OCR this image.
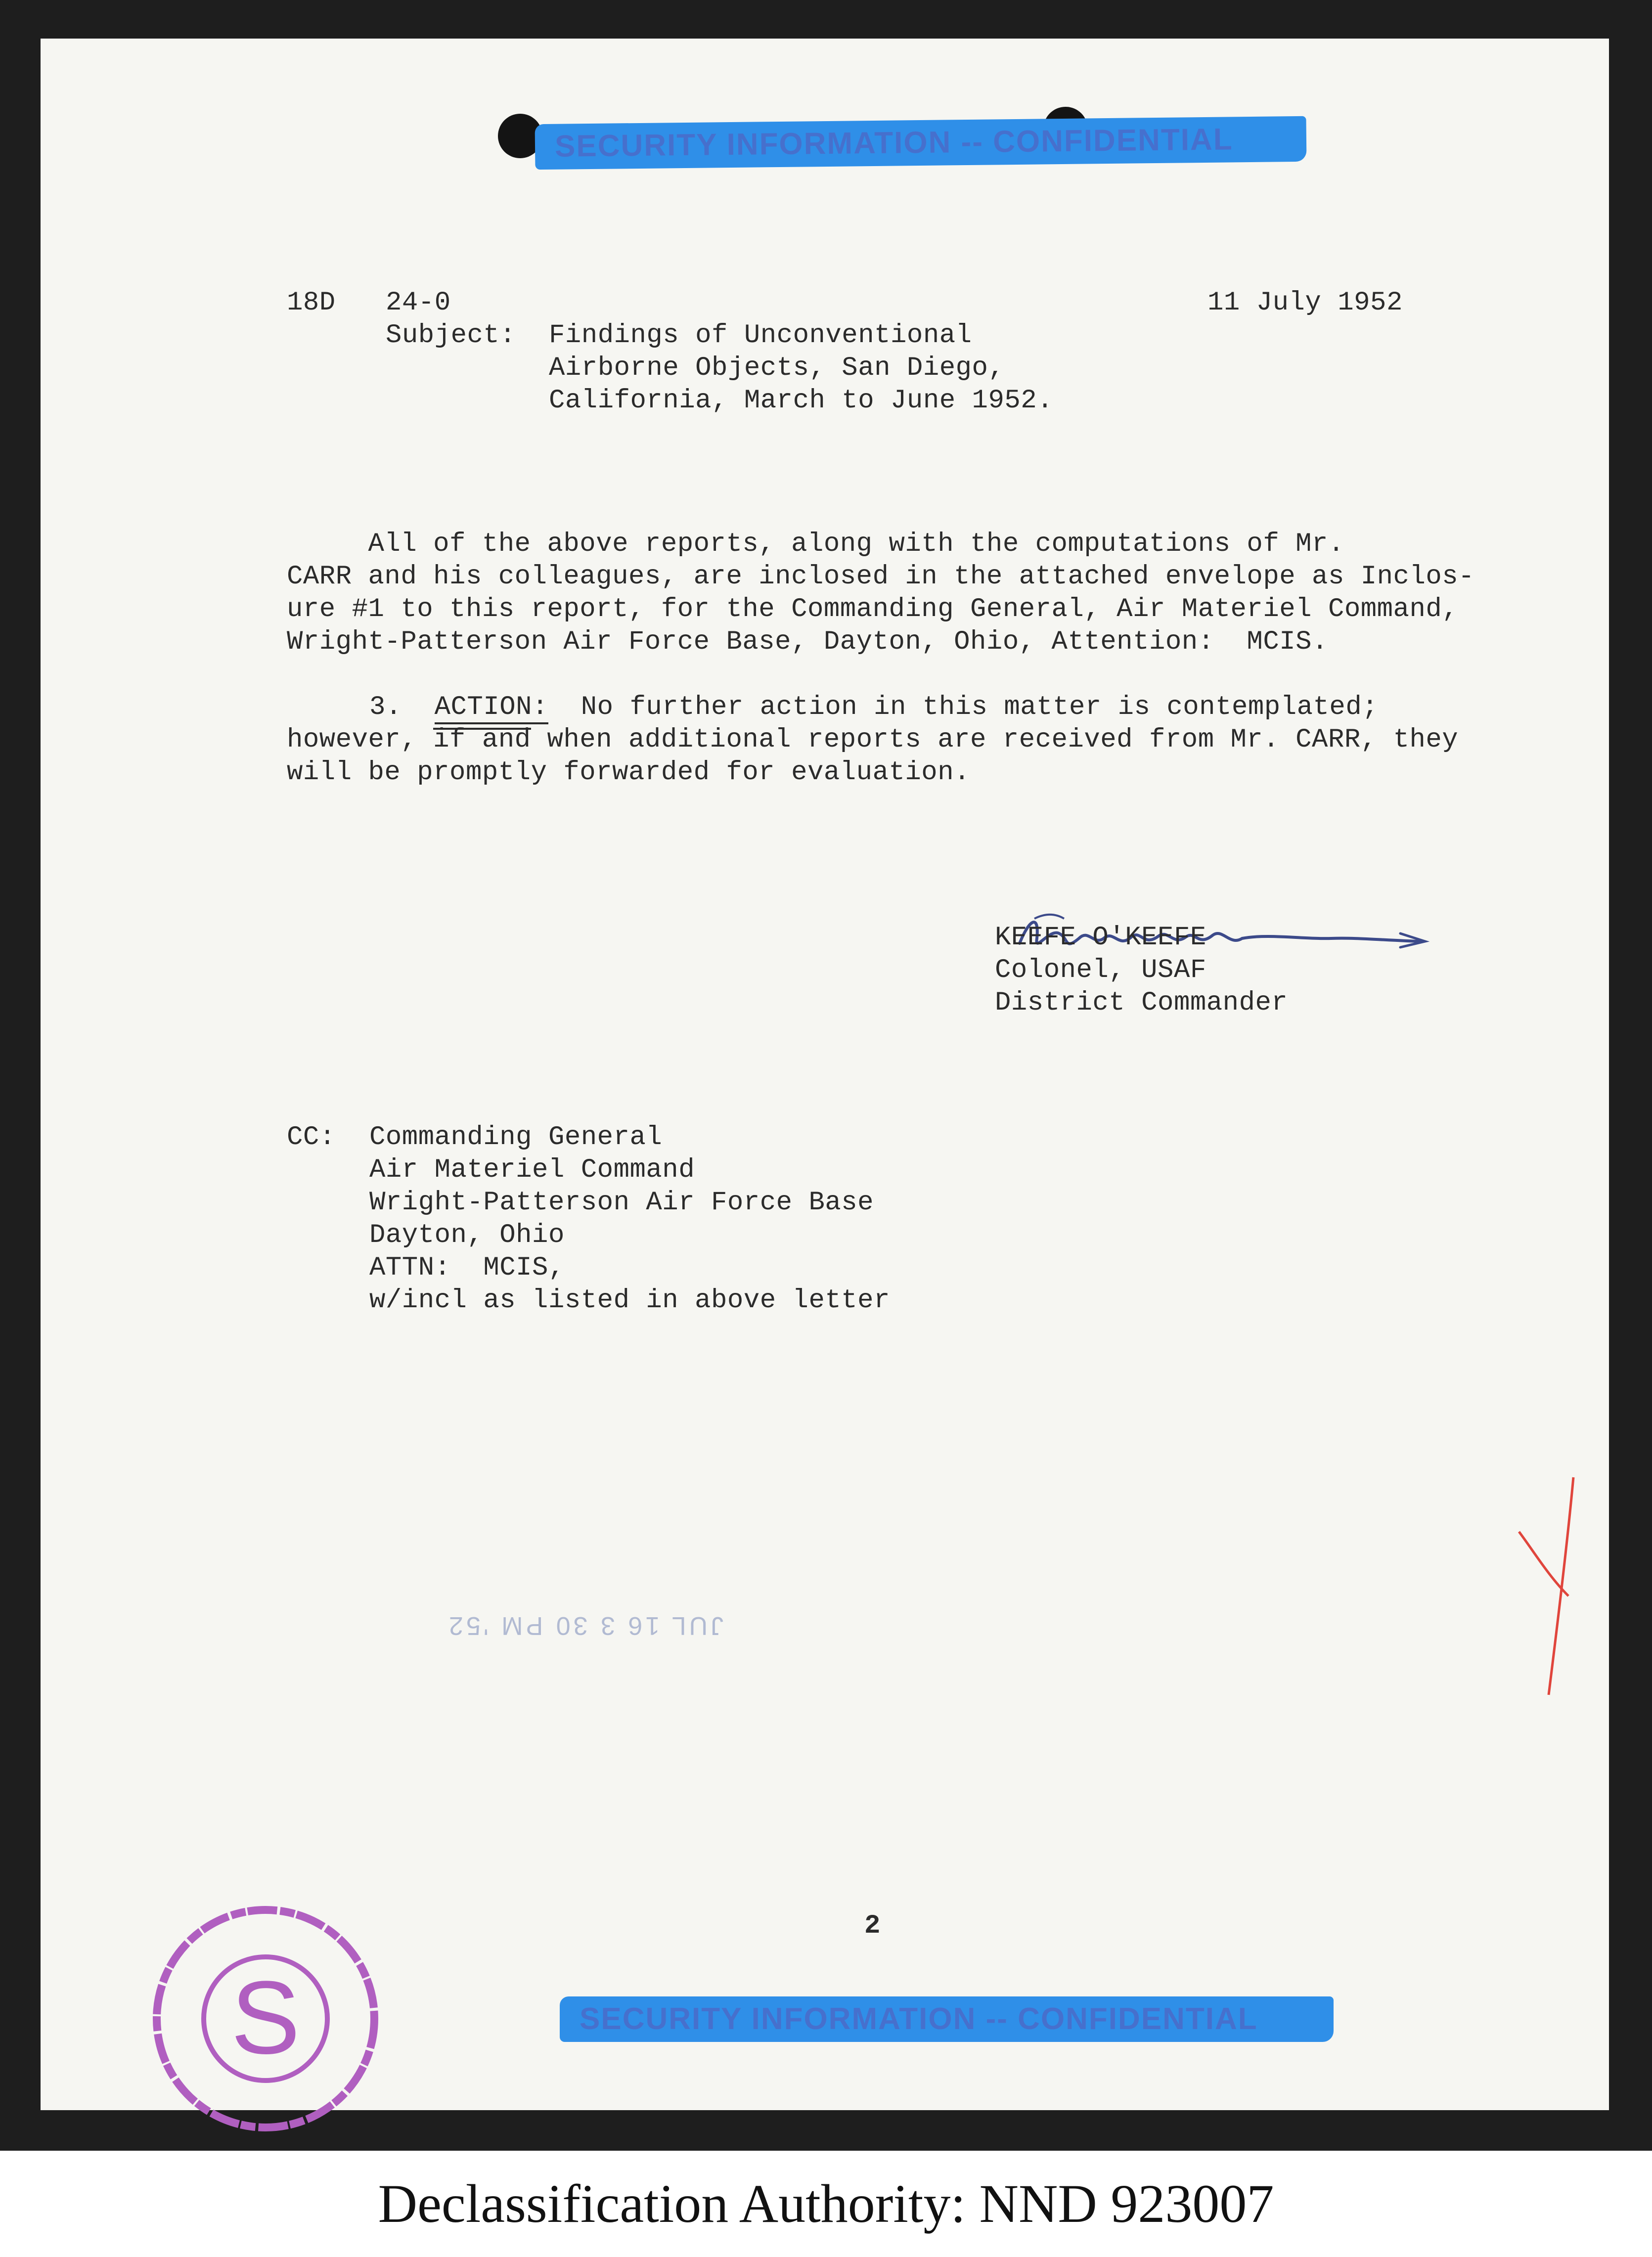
SECURITY INFORMATION -- CONFIDENTIAL
18D 24-0	11 July 1952
Subject: Findings of Unconventional
Airborne Objects, San Diego,
California, March to June 1952.
All of the above reports, along with the computations of Mr.
CARR and his colleagues, are inclosed in the attached envelope as Inclos-
ure #1 to this report, for the Commanding General, Air Materiel Command,
Wright-Patterson Air Force Base, Dayton, Ohio, Attention:  MCIS.
3. ACTION: No further action in this matter is contemplated;
however, if and when additional reports are received from Mr. CARR, they
will be promptly forwarded for evaluation.
KEEFE O'KEEFE
Colonel, USAF
District Commander
CC: Commanding General
Air Materiel Command
Wright-Patterson Air Force Base
Dayton, Ohio
ATTN:  MCIS,
w/incl as listed in above letter
JUL 16 3 30 PM '52
2
S	SECURITY INFORMATION -- CONFIDENTIAL
Declassification Authority: NND 923007
